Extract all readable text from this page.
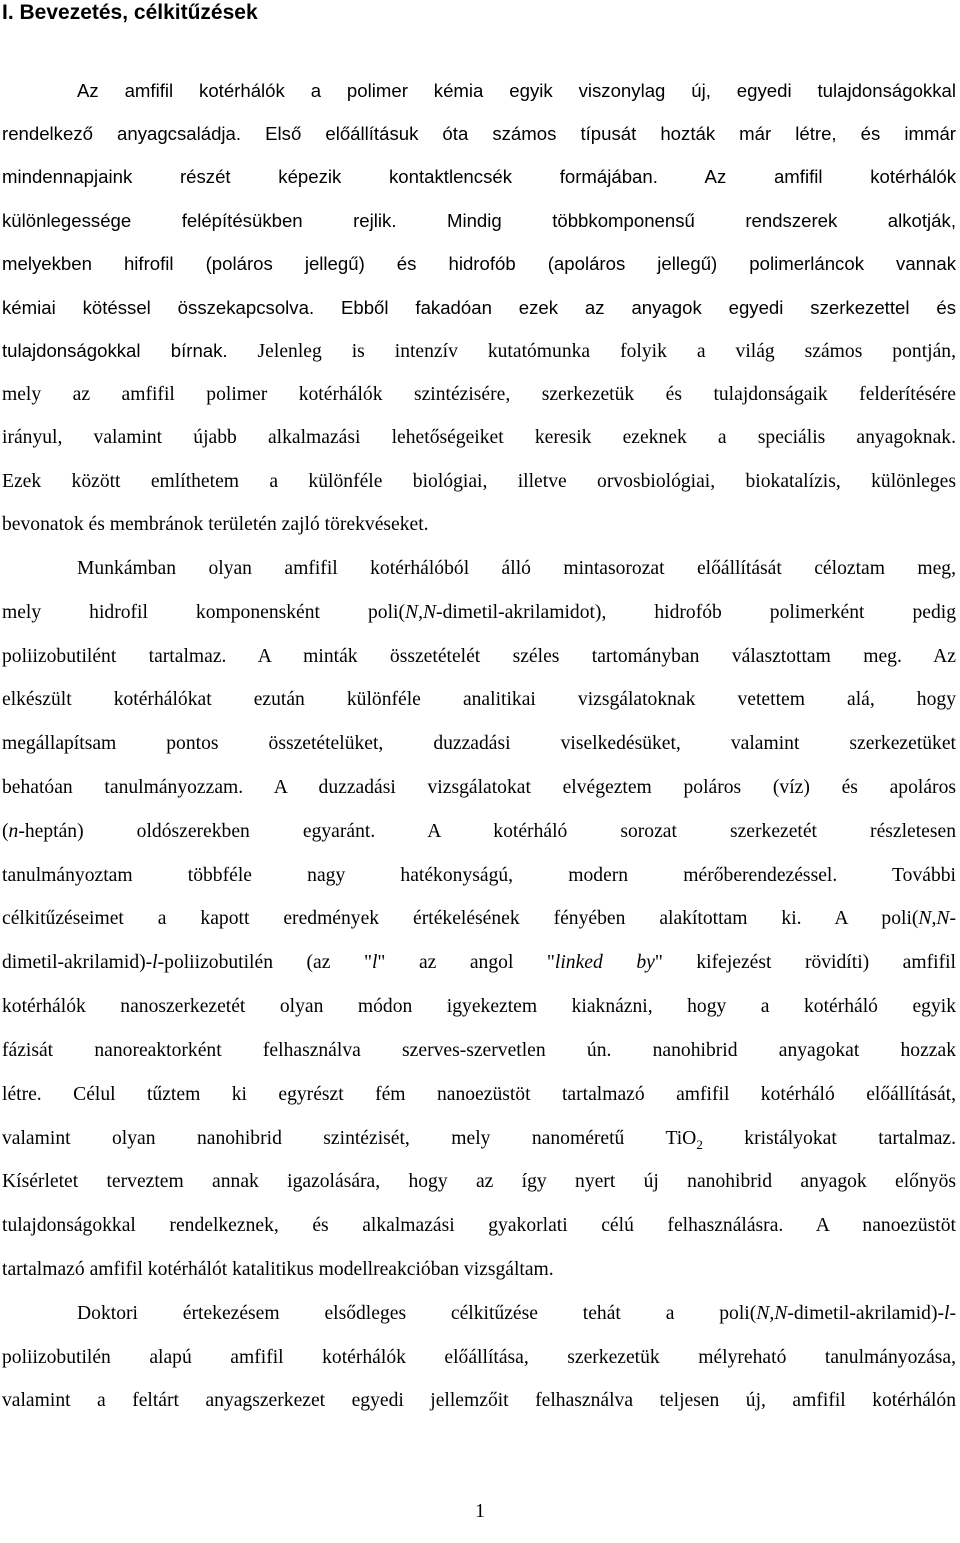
I. Bevezetés, célkitűzések
Az amfifil kotérhálók a polimer kémia egyik viszonylag új, egyedi tulajdonságokkal
rendelkező anyagcsaládja. Első előállításuk óta számos típusát hozták már létre, és immár
mindennapjaink részét képezik kontaktlencsék formájában. Az amfifil kotérhálók
különlegessége felépítésükben rejlik. Mindig többkomponensű rendszerek alkotják,
melyekben hifrofil (poláros jellegű) és hidrofób (apoláros jellegű) polimerláncok vannak
kémiai kötéssel összekapcsolva. Ebből fakadóan ezek az anyagok egyedi szerkezettel és
tulajdonságokkal bírnak. Jelenleg is intenzív kutatómunka folyik a világ számos pontján,
mely az amfifil polimer kotérhálók szintézisére, szerkezetük és tulajdonságaik felderítésére
irányul, valamint újabb alkalmazási lehetőségeiket keresik ezeknek a speciális anyagoknak.
Ezek között említhetem a különféle biológiai, illetve orvosbiológiai, biokatalízis, különleges
bevonatok és membránok területén zajló törekvéseket.
Munkámban olyan amfifil kotérhálóból álló mintasorozat előállítását céloztam meg,
mely hidrofil komponensként poli(N,N-dimetil-akrilamidot), hidrofób polimerként pedig
poliizobutilént tartalmaz. A minták összetételét széles tartományban választottam meg. Az
elkészült kotérhálókat ezután különféle analitikai vizsgálatoknak vetettem alá, hogy
megállapítsam pontos összetételüket, duzzadási viselkedésüket, valamint szerkezetüket
behatóan tanulmányozzam. A duzzadási vizsgálatokat elvégeztem poláros (víz) és apoláros
(n-heptán) oldószerekben egyaránt. A kotérháló sorozat szerkezetét részletesen
tanulmányoztam többféle nagy hatékonyságú, modern mérőberendezéssel. További
célkitűzéseimet a kapott eredmények értékelésének fényében alakítottam ki. A poli(N,N-
dimetil-akrilamid)-l-poliizobutilén (az "l" az angol "linked by" kifejezést rövidíti) amfifil
kotérhálók nanoszerkezetét olyan módon igyekeztem kiaknázni, hogy a kotérháló egyik
fázisát nanoreaktorként felhasználva szerves-szervetlen ún. nanohibrid anyagokat hozzak
létre. Célul tűztem ki egyrészt fém nanoezüstöt tartalmazó amfifil kotérháló előállítását,
valamint olyan nanohibrid szintézisét, mely nanoméretű TiO$_2$ kristályokat tartalmaz.
Kísérletet terveztem annak igazolására, hogy az így nyert új nanohibrid anyagok előnyös
tulajdonságokkal rendelkeznek, és alkalmazási gyakorlati célú felhasználásra. A nanoezüstöt
tartalmazó amfifil kotérhálót katalitikus modellreakcióban vizsgáltam.
Doktori értekezésem elsődleges célkitűzése tehát a poli(N,N-dimetil-akrilamid)-l-
poliizobutilén alapú amfifil kotérhálók előállítása, szerkezetük mélyreható tanulmányozása,
valamint a feltárt anyagszerkezet egyedi jellemzőit felhasználva teljesen új, amfifil kotérhálón
1
